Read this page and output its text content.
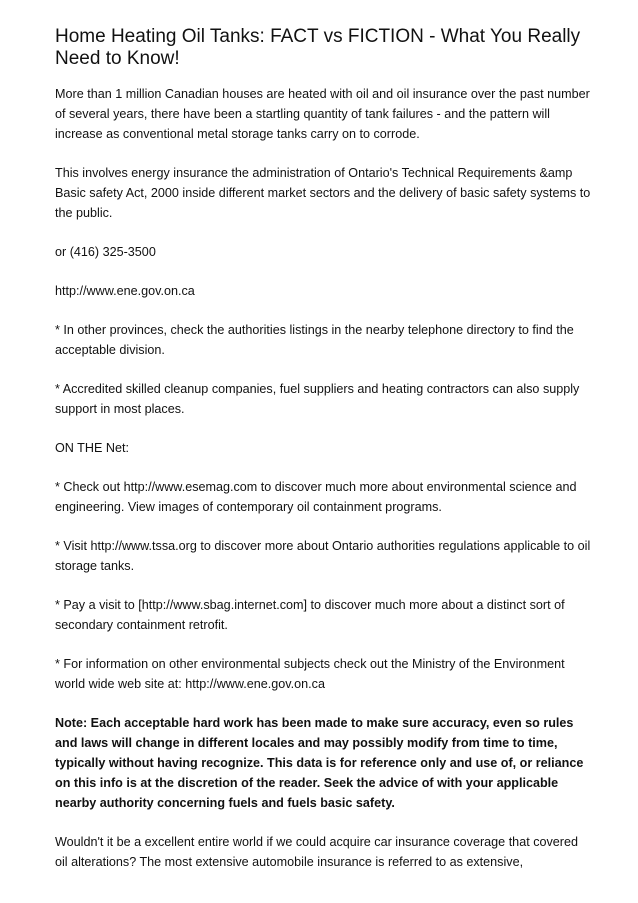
Home Heating Oil Tanks: FACT vs FICTION - What You Really Need to Know!

More than 1 million Canadian houses are heated with oil and oil insurance over the past number of several years, there have been a startling quantity of tank failures - and the pattern will increase as conventional metal storage tanks carry on to corrode.

This involves energy insurance the administration of Ontario's Technical Requirements &amp Basic safety Act, 2000 inside different market sectors and the delivery of basic safety systems to the public.

or (416) 325-3500

http://www.ene.gov.on.ca

* In other provinces, check the authorities listings in the nearby telephone directory to find the acceptable division.

* Accredited skilled cleanup companies, fuel suppliers and heating contractors can also supply support in most places.

ON THE Net:

* Check out http://www.esemag.com to discover much more about environmental science and engineering. View images of contemporary oil containment programs.

* Visit http://www.tssa.org to discover more about Ontario authorities regulations applicable to oil storage tanks.

* Pay a visit to [http://www.sbag.internet.com] to discover much more about a distinct sort of secondary containment retrofit.

* For information on other environmental subjects check out the Ministry of the Environment world wide web site at: http://www.ene.gov.on.ca

Note: Each acceptable hard work has been made to make sure accuracy, even so rules and laws will change in different locales and may possibly modify from time to time, typically without having recognize. This data is for reference only and use of, or reliance on this info is at the discretion of the reader. Seek the advice of with your applicable nearby authority concerning fuels and fuels basic safety.

Wouldn't it be a excellent entire world if we could acquire car insurance coverage that covered oil alterations? The most extensive automobile insurance is referred to as extensive,
